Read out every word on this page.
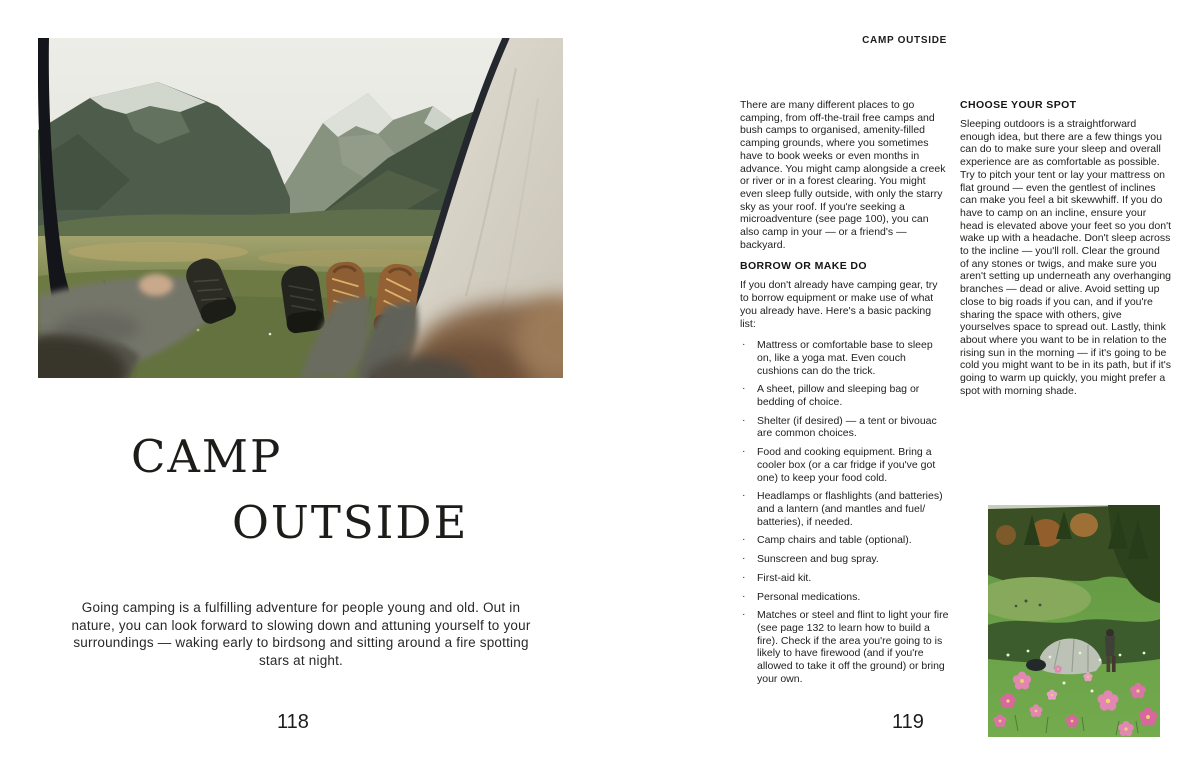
CAMP
OUTSIDE

Going camping is a fulfilling adventure for people young and old. Out in nature, you can look forward to slowing down and attuning yourself to your surroundings — waking early to birdsong and sitting around a fire spotting stars at night.

118
CAMP OUTSIDE

There are many different places to go camping, from off-the-trail free camps and bush camps to organised, amenity-filled camping grounds, where you sometimes have to book weeks or even months in advance. You might camp alongside a creek or river or in a forest clearing. You might even sleep fully outside, with only the starry sky as your roof. If you're seeking a microadventure (see page 100), you can also camp in your — or a friend's — backyard.

BORROW OR MAKE DO

If you don't already have camping gear, try to borrow equipment or make use of what you already have. Here's a basic packing list:

· Mattress or comfortable base to sleep on, like a yoga mat. Even couch cushions can do the trick.
· A sheet, pillow and sleeping bag or bedding of choice.
· Shelter (if desired) — a tent or bivouac are common choices.
· Food and cooking equipment. Bring a cooler box (or a car fridge if you've got one) to keep your food cold.
· Headlamps or flashlights (and batteries) and a lantern (and mantles and fuel/ batteries), if needed.
· Camp chairs and table (optional).
· Sunscreen and bug spray.
· First-aid kit.
· Personal medications.
· Matches or steel and flint to light your fire (see page 132 to learn how to build a fire). Check if the area you're going to is likely to have firewood (and if you're allowed to take it off the ground) or bring your own.
CHOOSE YOUR SPOT

Sleeping outdoors is a straightforward enough idea, but there are a few things you can do to make sure your sleep and overall experience are as comfortable as possible. Try to pitch your tent or lay your mattress on flat ground — even the gentlest of inclines can make you feel a bit skewwhiff. If you do have to camp on an incline, ensure your head is elevated above your feet so you don't wake up with a headache. Don't sleep across to the incline — you'll roll. Clear the ground of any stones or twigs, and make sure you aren't setting up underneath any overhanging branches — dead or alive. Avoid setting up close to big roads if you can, and if you're sharing the space with others, give yourselves space to spread out. Lastly, think about where you want to be in relation to the rising sun in the morning — if it's going to be cold you might want to be in its path, but if it's going to warm up quickly, you might prefer a spot with morning shade.

119
